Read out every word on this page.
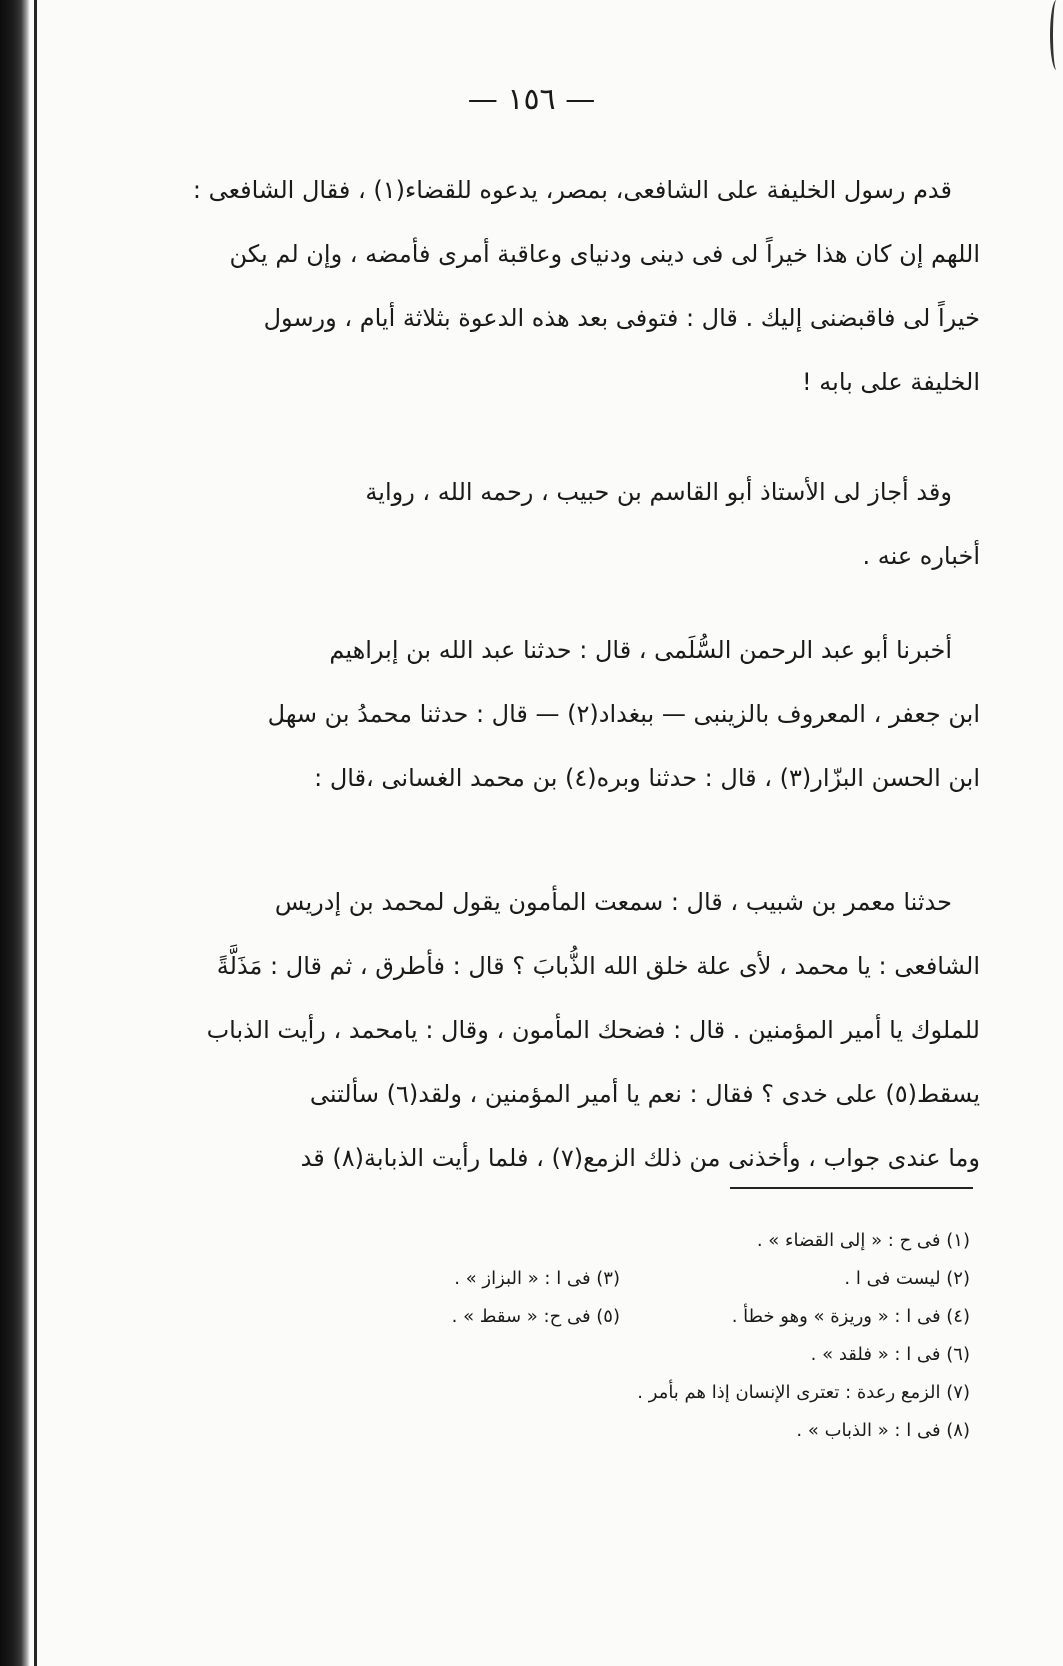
— ١٥٦ —
قدم رسول الخليفة على الشافعى، بمصر، يدعوه للقضاء(١) ، فقال الشافعى :
اللهم إن كان هذا خيراً لى فى دينى ودنياى وعاقبة أمرى فأمضه ، وإن لم يكن
خيراً لى فاقبضنى إليك . قال : فتوفى بعد هذه الدعوة بثلاثة أيام ، ورسول
الخليفة على بابه !
وقد أجاز لى الأستاذ أبو القاسم بن حبيب ، رحمه الله ، رواية
أخباره عنه .
أخبرنا أبو عبد الرحمن السُّلَمى ، قال : حدثنا عبد الله بن إبراهيم
ابن جعفر ، المعروف بالزينبى — ببغداد(٢) — قال : حدثنا محمدُ بن سهل
ابن الحسن البزّار(٣) ، قال : حدثنا وبره(٤) بن محمد الغسانى ،قال :
حدثنا معمر بن شبيب ، قال : سمعت المأمون يقول لمحمد بن إدريس
الشافعى : يا محمد ، لأى علة خلق الله الذُّبابَ ؟ قال : فأطرق ، ثم قال : مَذَلَّةً
للملوك يا أمير المؤمنين . قال : فضحك المأمون ، وقال : يامحمد ، رأيت الذباب
يسقط(٥) على خدى ؟ فقال : نعم يا أمير المؤمنين ، ولقد(٦) سألتنى
وما عندى جواب ، وأخذنى من ذلك الزمع(٧) ، فلما رأيت الذبابة(٨) قد
(١) فى ح : « إلى القضاء » .
(٢) ليست فى ا .
(٣) فى ا : « البزاز » .
(٤) فى ا : « وريزة » وهو خطأ .
(٥) فى ح: « سقط » .
(٦) فى ا : « فلقد » .
(٧) الزمع رعدة : تعترى الإنسان إذا هم بأمر .
(٨) فى ا : « الذباب » .
